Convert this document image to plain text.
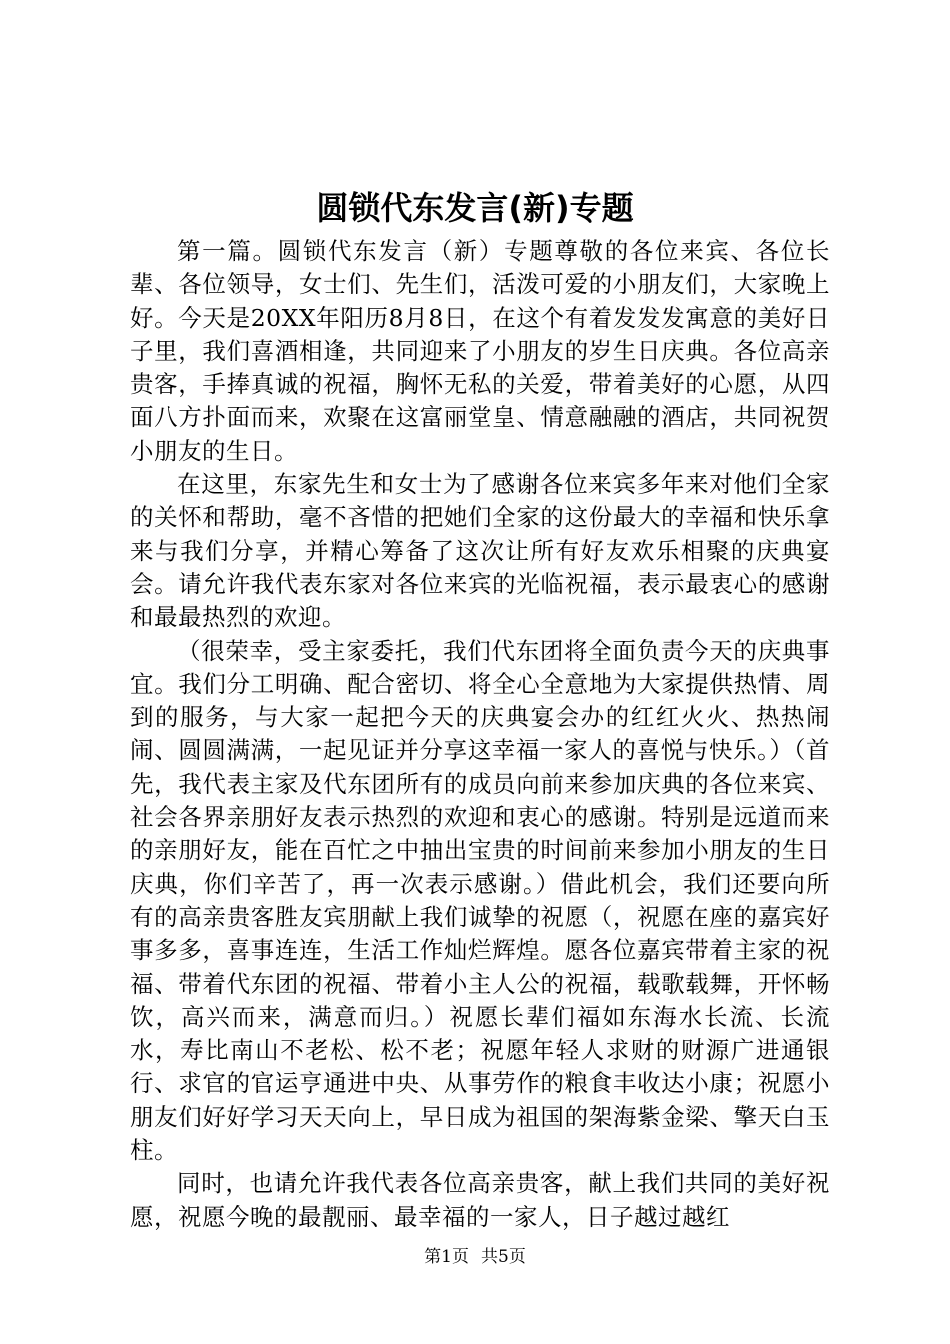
圆锁代东发言(新)专题

第一篇。圆锁代东发言（新）专题尊敬的各位来宾、各位长辈、各位领导，女士们、先生们，活泼可爱的小朋友们，大家晚上好。今天是20XX年阳历8月8日，在这个有着发发发寓意的美好日子里，我们喜酒相逢，共同迎来了小朋友的岁生日庆典。各位高亲贵客，手捧真诚的祝福，胸怀无私的关爱，带着美好的心愿，从四面八方扑面而来，欢聚在这富丽堂皇、情意融融的酒店，共同祝贺小朋友的生日。

在这里，东家先生和女士为了感谢各位来宾多年来对他们全家的关怀和帮助，毫不吝惜的把她们全家的这份最大的幸福和快乐拿来与我们分享，并精心筹备了这次让所有好友欢乐相聚的庆典宴会。请允许我代表东家对各位来宾的光临祝福，表示最衷心的感谢和最最热烈的欢迎。

（很荣幸，受主家委托，我们代东团将全面负责今天的庆典事宜。我们分工明确、配合密切、将全心全意地为大家提供热情、周到的服务，与大家一起把今天的庆典宴会办的红红火火、热热闹闹、圆圆满满，一起见证并分享这幸福一家人的喜悦与快乐。）（首先，我代表主家及代东团所有的成员向前来参加庆典的各位来宾、社会各界亲朋好友表示热烈的欢迎和衷心的感谢。特别是远道而来的亲朋好友，能在百忙之中抽出宝贵的时间前来参加小朋友的生日庆典，你们辛苦了，再一次表示感谢。）借此机会，我们还要向所有的高亲贵客胜友宾朋献上我们诚挚的祝愿（，祝愿在座的嘉宾好事多多，喜事连连，生活工作灿烂辉煌。愿各位嘉宾带着主家的祝福、带着代东团的祝福、带着小主人公的祝福，载歌载舞，开怀畅饮，高兴而来，满意而归。）祝愿长辈们福如东海水长流、长流水，寿比南山不老松、松不老；祝愿年轻人求财的财源广进通银行、求官的官运亨通进中央、从事劳作的粮食丰收达小康；祝愿小朋友们好好学习天天向上，早日成为祖国的架海紫金梁、擎天白玉柱。

同时，也请允许我代表各位高亲贵客，献上我们共同的美好祝愿，祝愿今晚的最靓丽、最幸福的一家人，日子越过越红

第1页 共5页
